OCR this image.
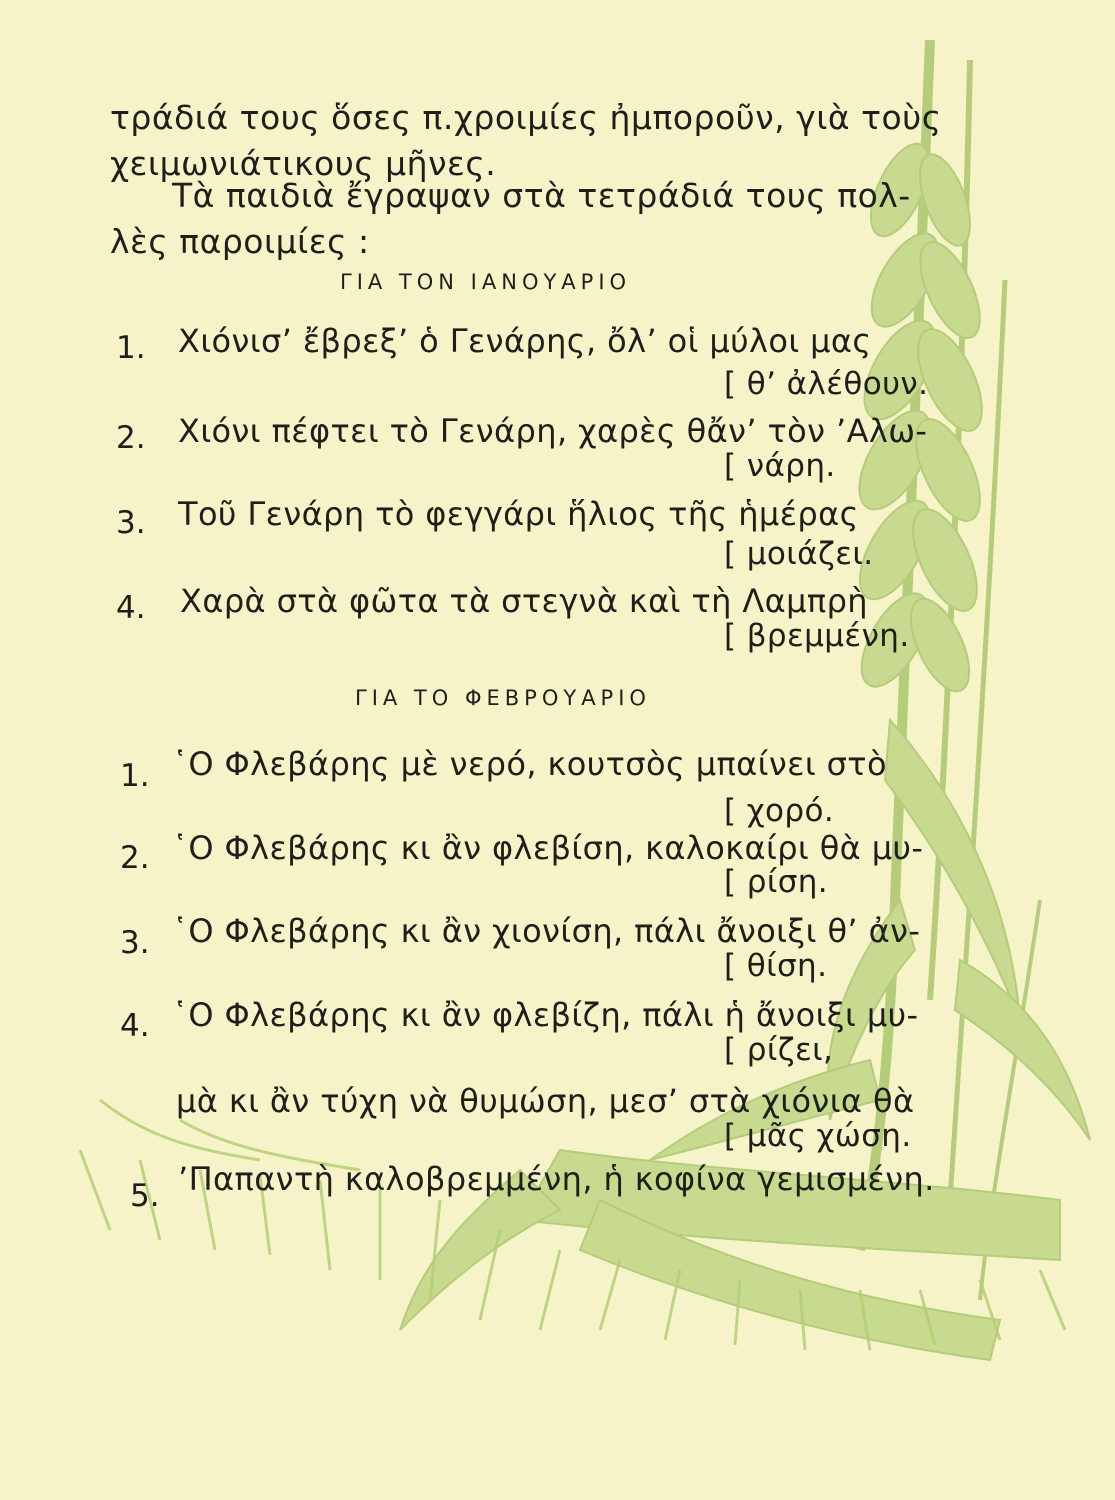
τράδιά τους ὅσες π.χροιμίες ἠμποροῦν, γιὰ τοὺς
χειμωνιάτικους μῆνες.
Τὰ παιδιὰ ἔγραψαν στὰ τετράδιά τους πολ-
λὲς παροιμίες :
ΓΙΑ ΤΟΝ ΙΑΝΟΥΑΡΙΟ
1. Χιόνισ’ ἔβρεξ’ ὁ Γενάρης, ὄλ’ οἱ μύλοι μας
[ θ’ ἀλέθουν.
2. Χιόνι πέφτει τὸ Γενάρη, χαρὲς θἄν’ τὸν ’Αλω-
[ νάρη.
3. Τοῦ Γενάρη τὸ φεγγάρι ἥλιος τῆς ἡμέρας
[ μοιάζει.
4. Χαρὰ στὰ φῶτα τὰ στεγνὰ καὶ τὴ Λαμπρὴ
[ βρεμμένη.
ΓΙΑ ΤΟ ΦΕΒΡΟΥΑΡΙΟ
1. ῾Ο Φλεβάρης μὲ νερό, κουτσὸς μπαίνει στὸ
[ χορό.
2. ῾Ο Φλεβάρης κι ἂν φλεβίση, καλοκαίρι θὰ μυ-
[ ρίση.
3. ῾Ο Φλεβάρης κι ἂν χιονίση, πάλι ἄνοιξι θ’ ἀν-
[ θίση.
4. ῾Ο Φλεβάρης κι ἂν φλεβίζη, πάλι ἡ ἄνοιξι μυ-
[ ρίζει,
μὰ κι ἂν τύχη νὰ θυμώση, μεσ’ στὰ χιόνια θὰ
[ μᾶς χώση.
5. ’Παπαντὴ καλοβρεμμένη, ἡ κοφίνα γεμισμένη.
